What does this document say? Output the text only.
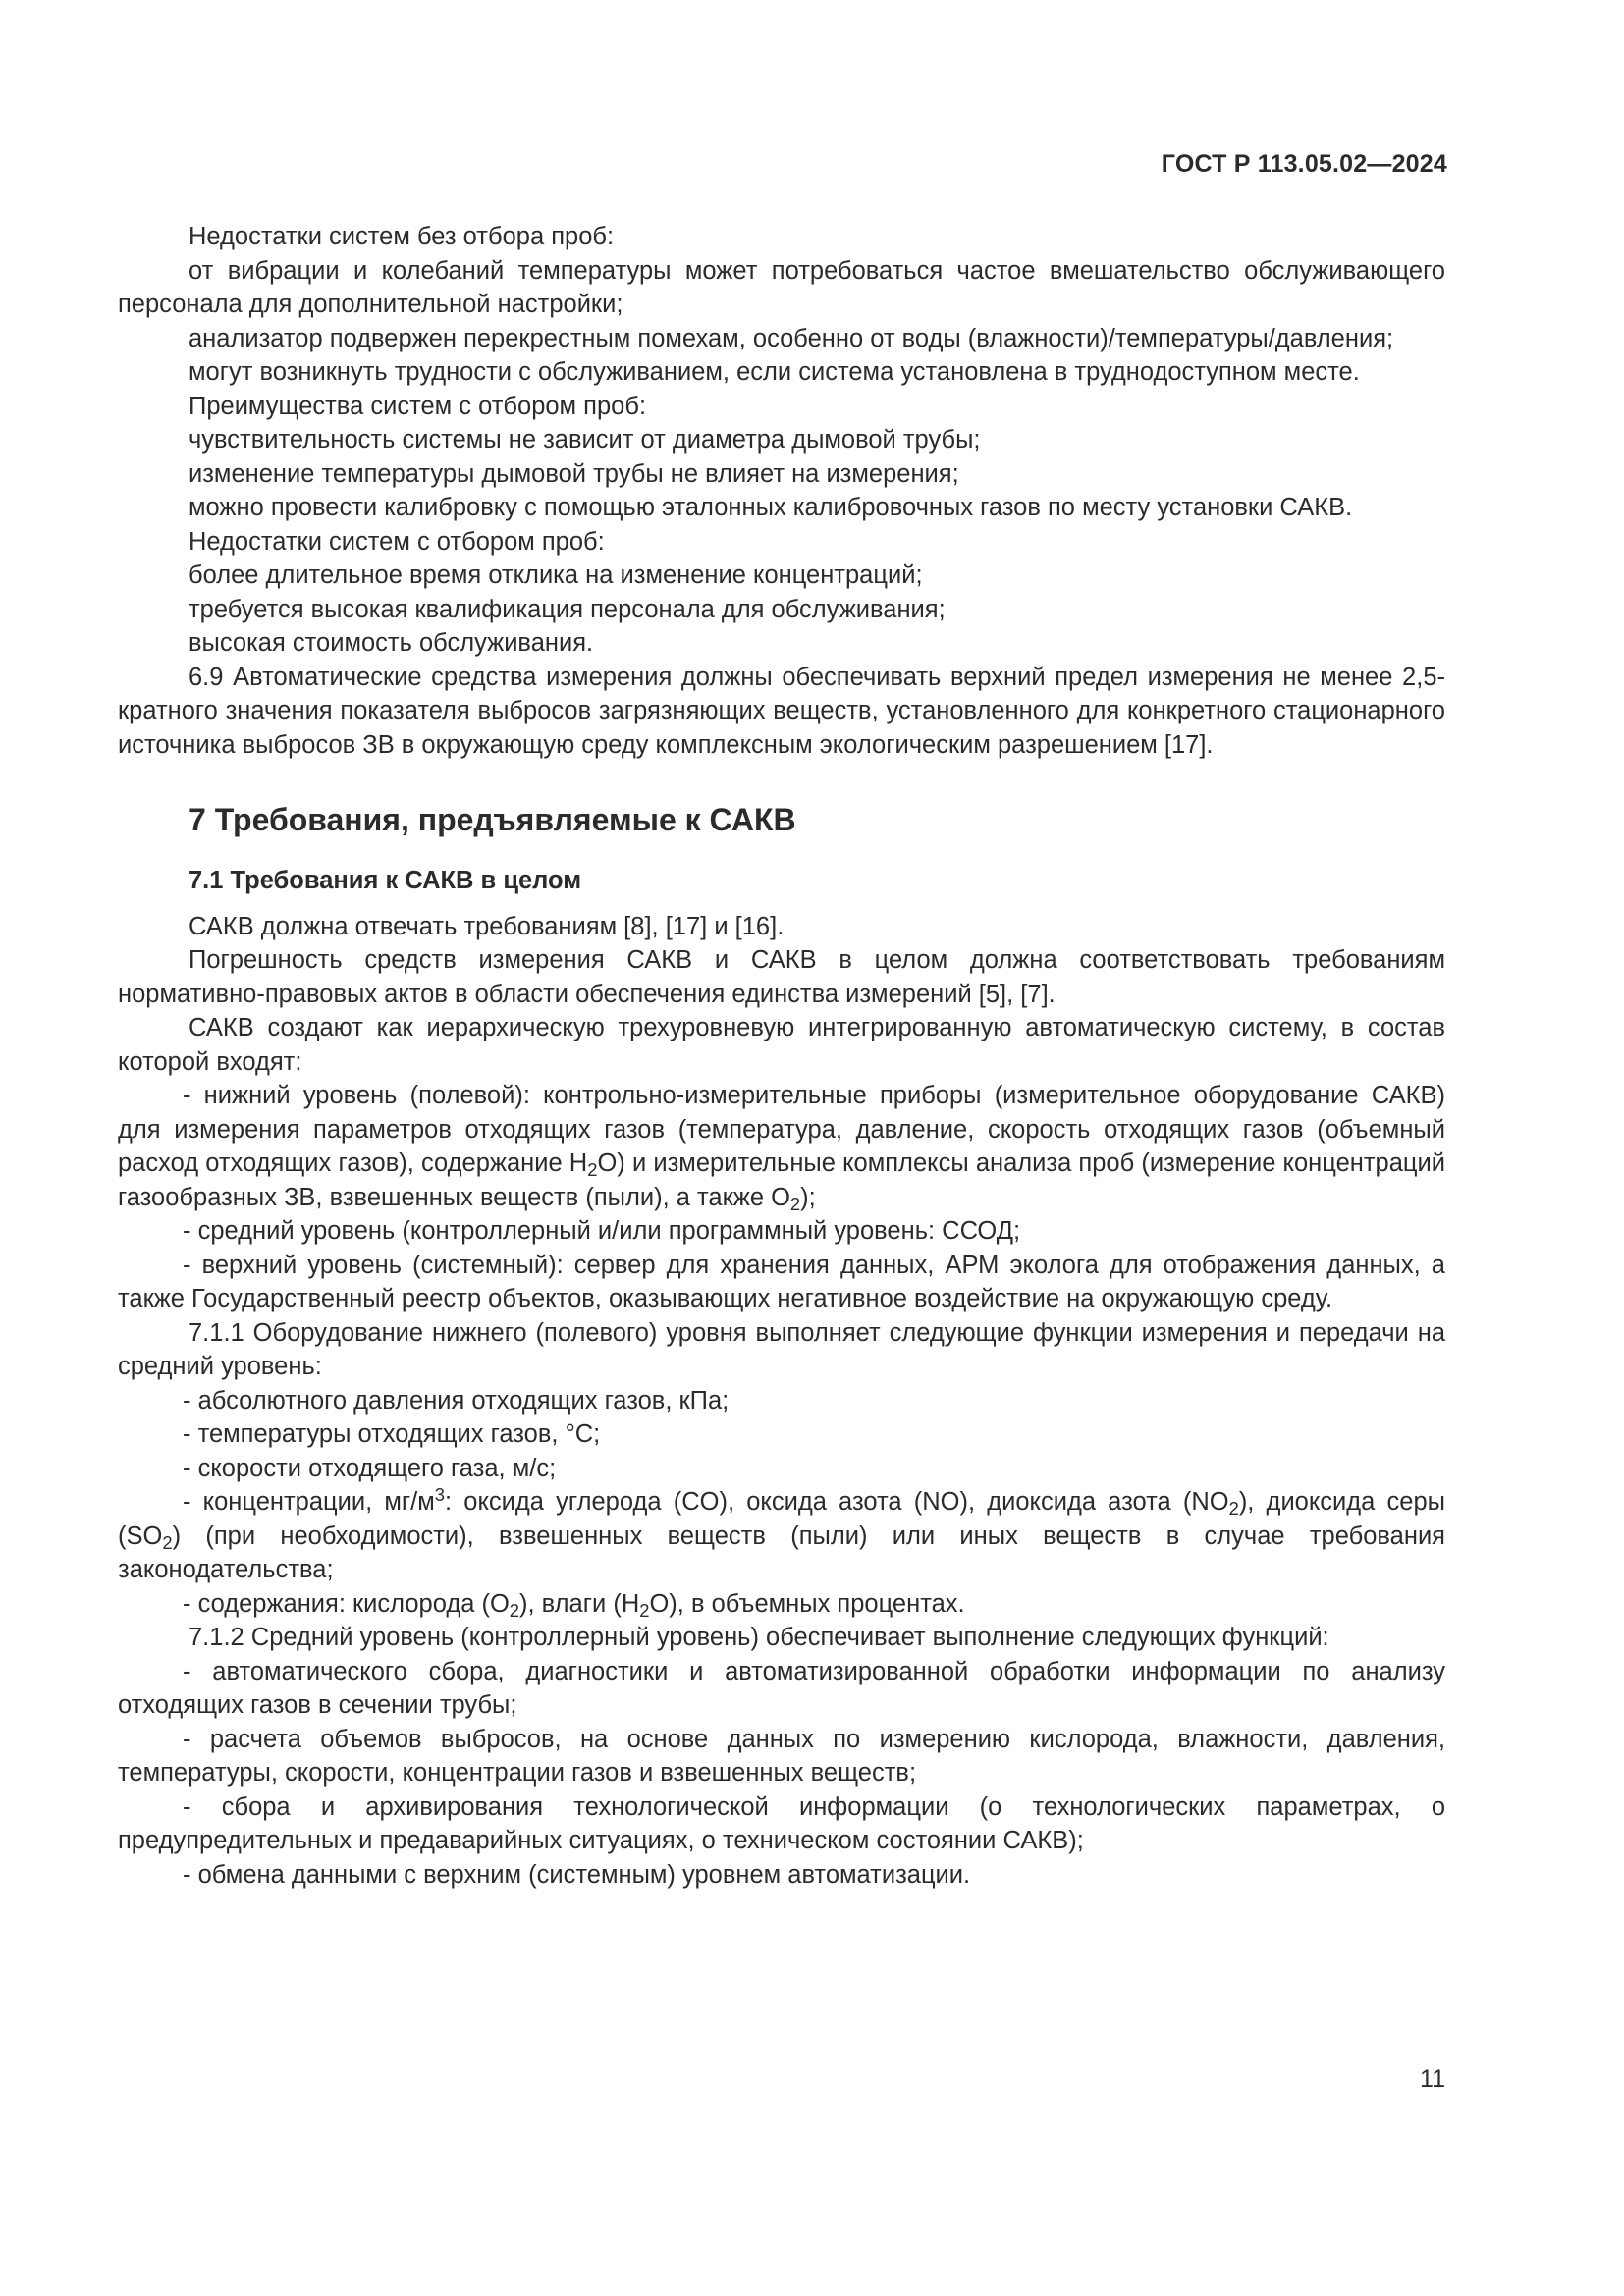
ГОСТ Р 113.05.02—2024

Недостатки систем без отбора проб:

от вибрации и колебаний температуры может потребоваться частое вмешательство обслуживающего персонала для дополнительной настройки;

анализатор подвержен перекрестным помехам, особенно от воды (влажности)/температуры/давления;

могут возникнуть трудности с обслуживанием, если система установлена в труднодоступном месте.

Преимущества систем с отбором проб:

чувствительность системы не зависит от диаметра дымовой трубы;

изменение температуры дымовой трубы не влияет на измерения;

можно провести калибровку с помощью эталонных калибровочных газов по месту установки САКВ.

Недостатки систем с отбором проб:

более длительное время отклика на изменение концентраций;

требуется высокая квалификация персонала для обслуживания;

высокая стоимость обслуживания.

6.9 Автоматические средства измерения должны обеспечивать верхний предел измерения не менее 2,5-кратного значения показателя выбросов загрязняющих веществ, установленного для конкретного стационарного источника выбросов ЗВ в окружающую среду комплексным экологическим разрешением [17].

7 Требования, предъявляемые к САКВ
7.1 Требования к САКВ в целом

САКВ должна отвечать требованиям [8], [17] и [16].

Погрешность средств измерения САКВ и САКВ в целом должна соответствовать требованиям нормативно-правовых актов в области обеспечения единства измерений [5], [7].

САКВ создают как иерархическую трехуровневую интегрированную автоматическую систему, в состав которой входят:

- нижний уровень (полевой): контрольно-измерительные приборы (измерительное оборудование САКВ) для измерения параметров отходящих газов (температура, давление, скорость отходящих газов (объемный расход отходящих газов), содержание $H_2O$) и измерительные комплексы анализа проб (измерение концентраций газообразных ЗВ, взвешенных веществ (пыли), а также $O_2$);

- средний уровень (контроллерный и/или программный уровень: ССОД;

- верхний уровень (системный): сервер для хранения данных, АРМ эколога для отображения данных, а также Государственный реестр объектов, оказывающих негативное воздействие на окружающую среду.

7.1.1 Оборудование нижнего (полевого) уровня выполняет следующие функции измерения и передачи на средний уровень:

- абсолютного давления отходящих газов, кПа;

- температуры отходящих газов, °С;

- скорости отходящего газа, м/с;

- концентрации, $мг/м^3$: оксида углерода (CO), оксида азота (NO), диоксида азота $(NO_2)$, диоксида серы $(SO_2)$ (при необходимости), взвешенных веществ (пыли) или иных веществ в случае требования законодательства;

- содержания: кислорода $(O_2)$, влаги $(H_2O)$, в объемных процентах.

7.1.2 Средний уровень (контроллерный уровень) обеспечивает выполнение следующих функций:

- автоматического сбора, диагностики и автоматизированной обработки информации по анализу отходящих газов в сечении трубы;

- расчета объемов выбросов, на основе данных по измерению кислорода, влажности, давления, температуры, скорости, концентрации газов и взвешенных веществ;

- сбора и архивирования технологической информации (о технологических параметрах, о предупредительных и предаварийных ситуациях, о техническом состоянии САКВ);

- обмена данными с верхним (системным) уровнем автоматизации.

11
